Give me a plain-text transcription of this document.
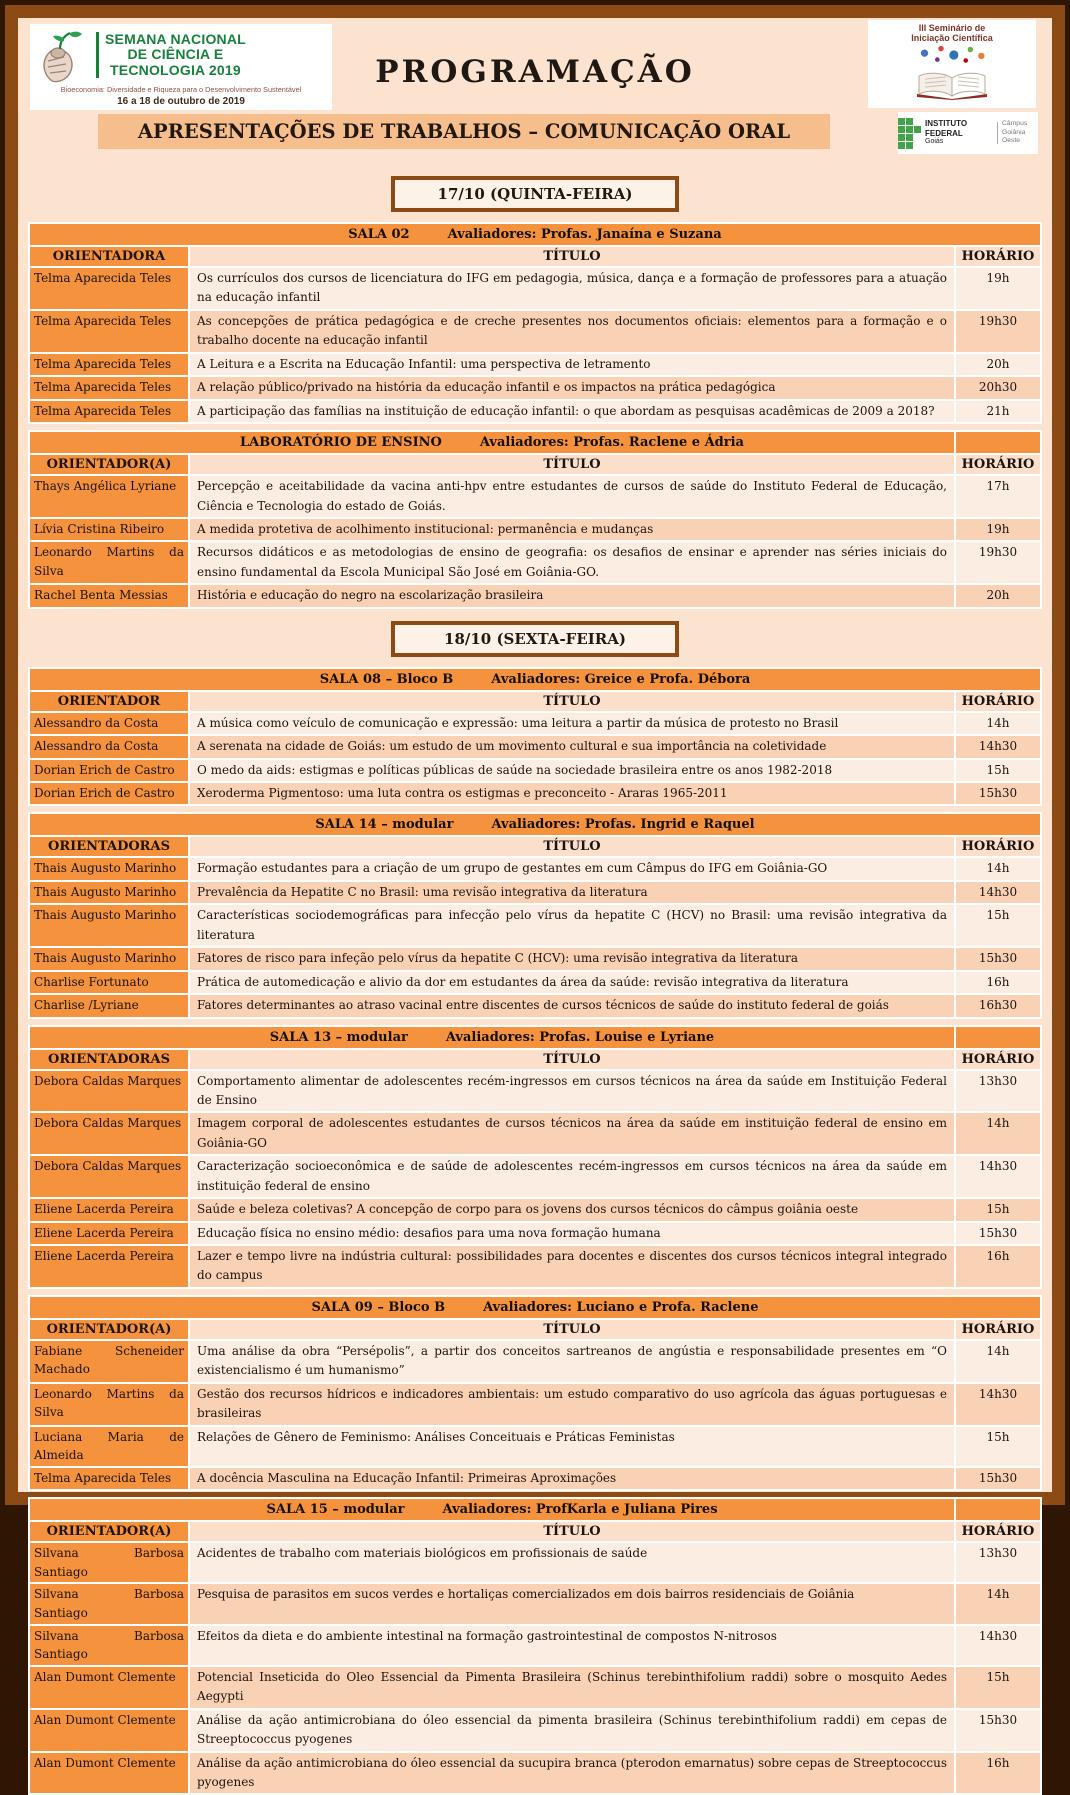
SEMANA NACIONAL
DE CIÊNCIA E
TECNOLOGIA 2019
Bioeconomia: Diversidade e Riqueza para o Desenvolvimento Sustentável
16 a 18 de outubro de 2019
PROGRAMAÇÃO
III Seminário de
Iniciação Científica

APRESENTAÇÕES DE TRABALHOS – COMUNICAÇÃO ORAL	INSTITUTO FEDERAL
Goiás
Câmpus
Goiânia Oeste
17/10 (QUINTA-FEIRA)
SALA 02 Avaliadores: Profas. Janaína e Suzana		
ORIENTADORA	TÍTULO	HORÁRIO
Telma Aparecida Teles	Os currículos dos cursos de licenciatura do IFG em pedagogia, música, dança e a formação de professores para a atuação na educação infantil	19h
Telma Aparecida Teles	As concepções de prática pedagógica e de creche presentes nos documentos oficiais: elementos para a formação e o trabalho docente na educação infantil	19h30
Telma Aparecida Teles	A Leitura e a Escrita na Educação Infantil: uma perspectiva de letramento	20h
Telma Aparecida Teles	A relação público/privado na história da educação infantil e os impactos na prática pedagógica	20h30
Telma Aparecida Teles	A participação das famílias na instituição de educação infantil: o que abordam as pesquisas acadêmicas de 2009 a 2018?	21h
LABORATÓRIO DE ENSINO Avaliadores: Profas. Raclene e Ádria		
ORIENTADOR(A)	TÍTULO	HORÁRIO
Thays Angélica Lyriane	Percepção e aceitabilidade da vacina anti-hpv entre estudantes de cursos de saúde do Instituto Federal de Educação, Ciência e Tecnologia do estado de Goiás.	17h
Lívia Cristina Ribeiro	A medida protetiva de acolhimento institucional: permanência e mudanças	19h
Leonardo Martins da Silva	Recursos didáticos e as metodologias de ensino de geografia: os desafios de ensinar e aprender nas séries iniciais do ensino fundamental da Escola Municipal São José em Goiânia-GO.	19h30
Rachel Benta Messias	História e educação do negro na escolarização brasileira	20h
18/10 (SEXTA-FEIRA)
SALA 08 – Bloco B Avaliadores: Greice e Profa. Débora		
ORIENTADOR	TÍTULO	HORÁRIO
Alessandro da Costa	A música como veículo de comunicação e expressão: uma leitura a partir da música de protesto no Brasil	14h
Alessandro da Costa	A serenata na cidade de Goiás: um estudo de um movimento cultural e sua importância na coletividade	14h30
Dorian Erich de Castro	O medo da aids: estigmas e políticas públicas de saúde na sociedade brasileira entre os anos 1982-2018	15h
Dorian Erich de Castro	Xeroderma Pigmentoso: uma luta contra os estigmas e preconceito - Araras 1965-2011	15h30
SALA 14 – modular Avaliadores: Profas. Ingrid e Raquel		
ORIENTADORAS	TÍTULO	HORÁRIO
Thais Augusto Marinho	Formação estudantes para a criação de um grupo de gestantes em cum Câmpus do IFG em Goiânia-GO	14h
Thais Augusto Marinho	Prevalência da Hepatite C no Brasil: uma revisão integrativa da literatura	14h30
Thais Augusto Marinho	Características sociodemográficas para infecção pelo vírus da hepatite C (HCV) no Brasil: uma revisão integrativa da literatura	15h
Thais Augusto Marinho	Fatores de risco para infeção pelo vírus da hepatite C (HCV): uma revisão integrativa da literatura	15h30
Charlise Fortunato	Prática de automedicação e alivio da dor em estudantes da área da saúde: revisão integrativa da literatura	16h
Charlise /Lyriane	Fatores determinantes ao atraso vacinal entre discentes de cursos técnicos de saúde do instituto federal de goiás	16h30
SALA 13 – modular Avaliadores: Profas. Louise e Lyriane		
ORIENTADORAS	TÍTULO	HORÁRIO
Debora Caldas Marques	Comportamento alimentar de adolescentes recém-ingressos em cursos técnicos na área da saúde em Instituição Federal de Ensino	13h30
Debora Caldas Marques	Imagem corporal de adolescentes estudantes de cursos técnicos na área da saúde em instituição federal de ensino em Goiânia-GO	14h
Debora Caldas Marques	Caracterização socioeconômica e de saúde de adolescentes recém-ingressos em cursos técnicos na área da saúde em instituição federal de ensino	14h30
Eliene Lacerda Pereira	Saúde e beleza coletivas? A concepção de corpo para os jovens dos cursos técnicos do câmpus goiânia oeste	15h
Eliene Lacerda Pereira	Educação física no ensino médio: desafios para uma nova formação humana	15h30
Eliene Lacerda Pereira	Lazer e tempo livre na indústria cultural: possibilidades para docentes e discentes dos cursos técnicos integral integrado do campus	16h
SALA 09 – Bloco B Avaliadores: Luciano e Profa. Raclene		
ORIENTADOR(A)	TÍTULO	HORÁRIO
Fabiane Scheneider Machado	Uma análise da obra “Persépolis”, a partir dos conceitos sartreanos de angústia e responsabilidade presentes em “O existencialismo é um humanismo”	14h
Leonardo Martins da Silva	Gestão dos recursos hídricos e indicadores ambientais: um estudo comparativo do uso agrícola das águas portuguesas e brasileiras	14h30
Luciana Maria de Almeida	Relações de Gênero de Feminismo: Análises Conceituais e Práticas Feministas	15h
Telma Aparecida Teles	A docência Masculina na Educação Infantil: Primeiras Aproximações	15h30
SALA 15 – modular Avaliadores: ProfKarla e Juliana Pires		
ORIENTADOR(A)	TÍTULO	HORÁRIO
Silvana Barbosa Santiago	Acidentes de trabalho com materiais biológicos em profissionais de saúde	13h30
Silvana Barbosa Santiago	Pesquisa de parasitos em sucos verdes e hortaliças comercializados em dois bairros residenciais de Goiânia	14h
Silvana Barbosa Santiago	Efeitos da dieta e do ambiente intestinal na formação gastrointestinal de compostos N-nitrosos	14h30
Alan Dumont Clemente	Potencial Inseticida do Oleo Essencial da Pimenta Brasileira (Schinus terebinthifolium raddi) sobre o mosquito Aedes Aegypti	15h
Alan Dumont Clemente	Análise da ação antimicrobiana do óleo essencial da pimenta brasileira (Schinus terebinthifolium raddi) em cepas de Streeptococcus pyogenes	15h30
Alan Dumont Clemente	Análise da ação antimicrobiana do óleo essencial da sucupira branca (pterodon emarnatus) sobre cepas de Streeptococcus pyogenes	16h
